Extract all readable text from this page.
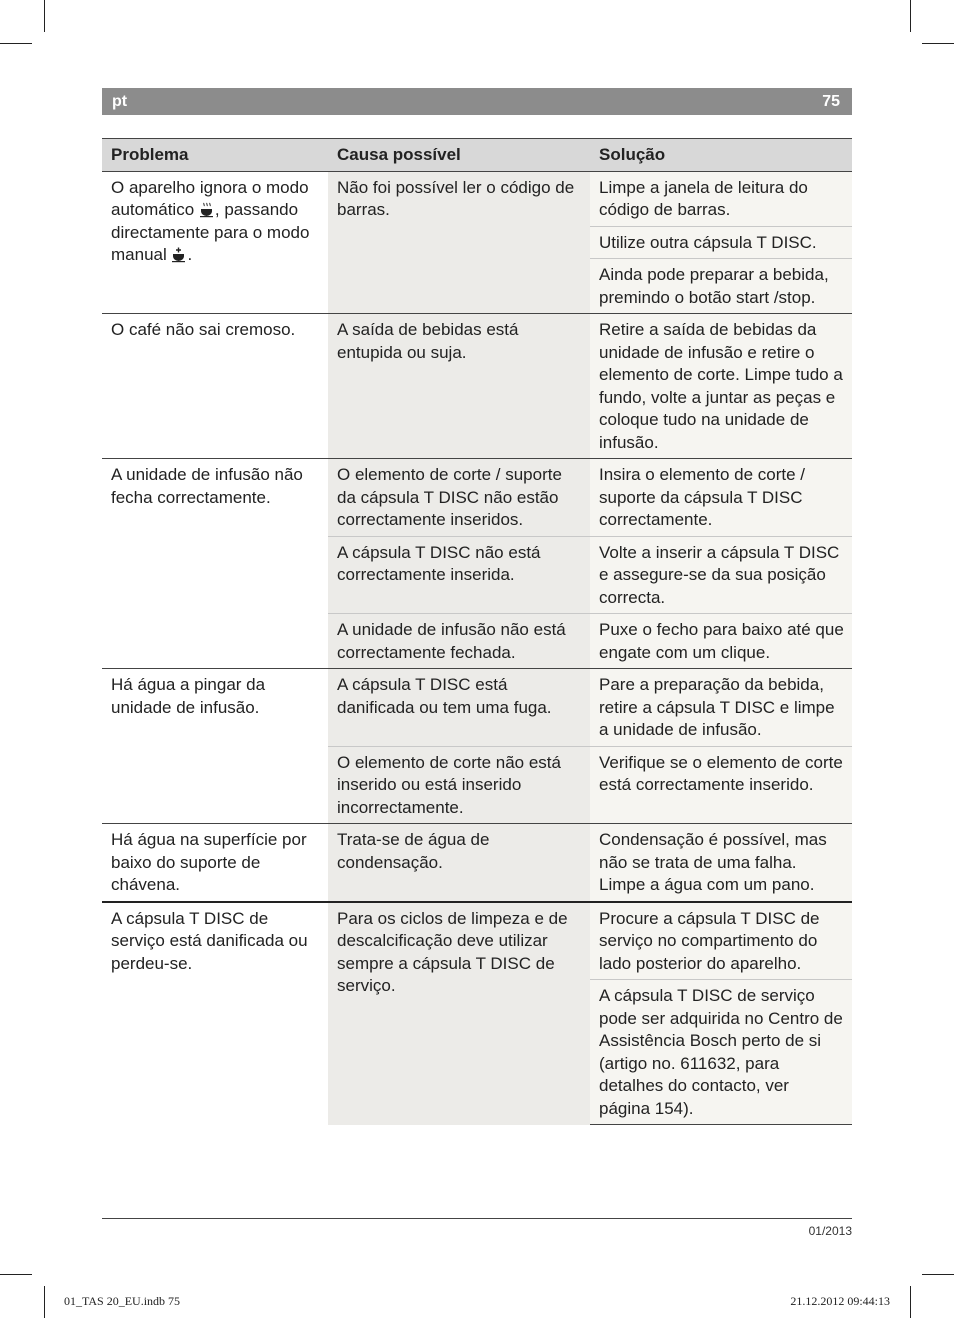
pt	75
Problema	Causa possível	Solução
O aparelho ignora o modo automático , passando directamente para o modo manual .	Não foi possível ler o código de barras.	Limpe a janela de leitura do código de barras.
		Utilize outra cápsula T DISC.
		Ainda pode preparar a bebida, premindo o botão start /stop.
O café não sai cremoso.	A saída de bebidas está entupida ou suja.	Retire a saída de bebidas da unidade de infusão e retire o elemento de corte. Limpe tudo a fundo, volte a juntar as peças e coloque tudo na unidade de infusão.
A unidade de infusão não fecha correctamente.	O elemento de corte / suporte da cápsula T DISC não estão correctamente inseridos.	Insira o elemento de corte / suporte da cápsula T DISC correctamente.
	A cápsula T DISC não está correctamente inserida.	Volte a inserir a cápsula T DISC e assegure-se da sua posição correcta.
	A unidade de infusão não está correctamente fechada.	Puxe o fecho para baixo até que engate com um clique.
Há água a pingar da unidade de infusão.	A cápsula T DISC está danificada ou tem uma fuga.	Pare a preparação da bebida, retire a cápsula T DISC e limpe a unidade de infusão.
	O elemento de corte não está inserido ou está inserido incorrectamente.	Verifique se o elemento de corte está correctamente inserido.
Há água na superfície por baixo do suporte de chávena.	Trata-se de água de condensação.	Condensação é possível, mas não se trata de uma falha. Limpe a água com um pano.
A cápsula T DISC de serviço está danificada ou perdeu-se.	Para os ciclos de limpeza e de descalcificação deve utilizar sempre a cápsula T DISC de serviço.	Procure a cápsula T DISC de serviço no compartimento do lado posterior do aparelho.
		A cápsula T DISC de serviço pode ser adquirida no Centro de Assistência Bosch perto de si (artigo no. 611632, para detalhes do contacto, ver página 154).
01/2013
01_TAS 20_EU.indb 75	21.12.2012 09:44:13
